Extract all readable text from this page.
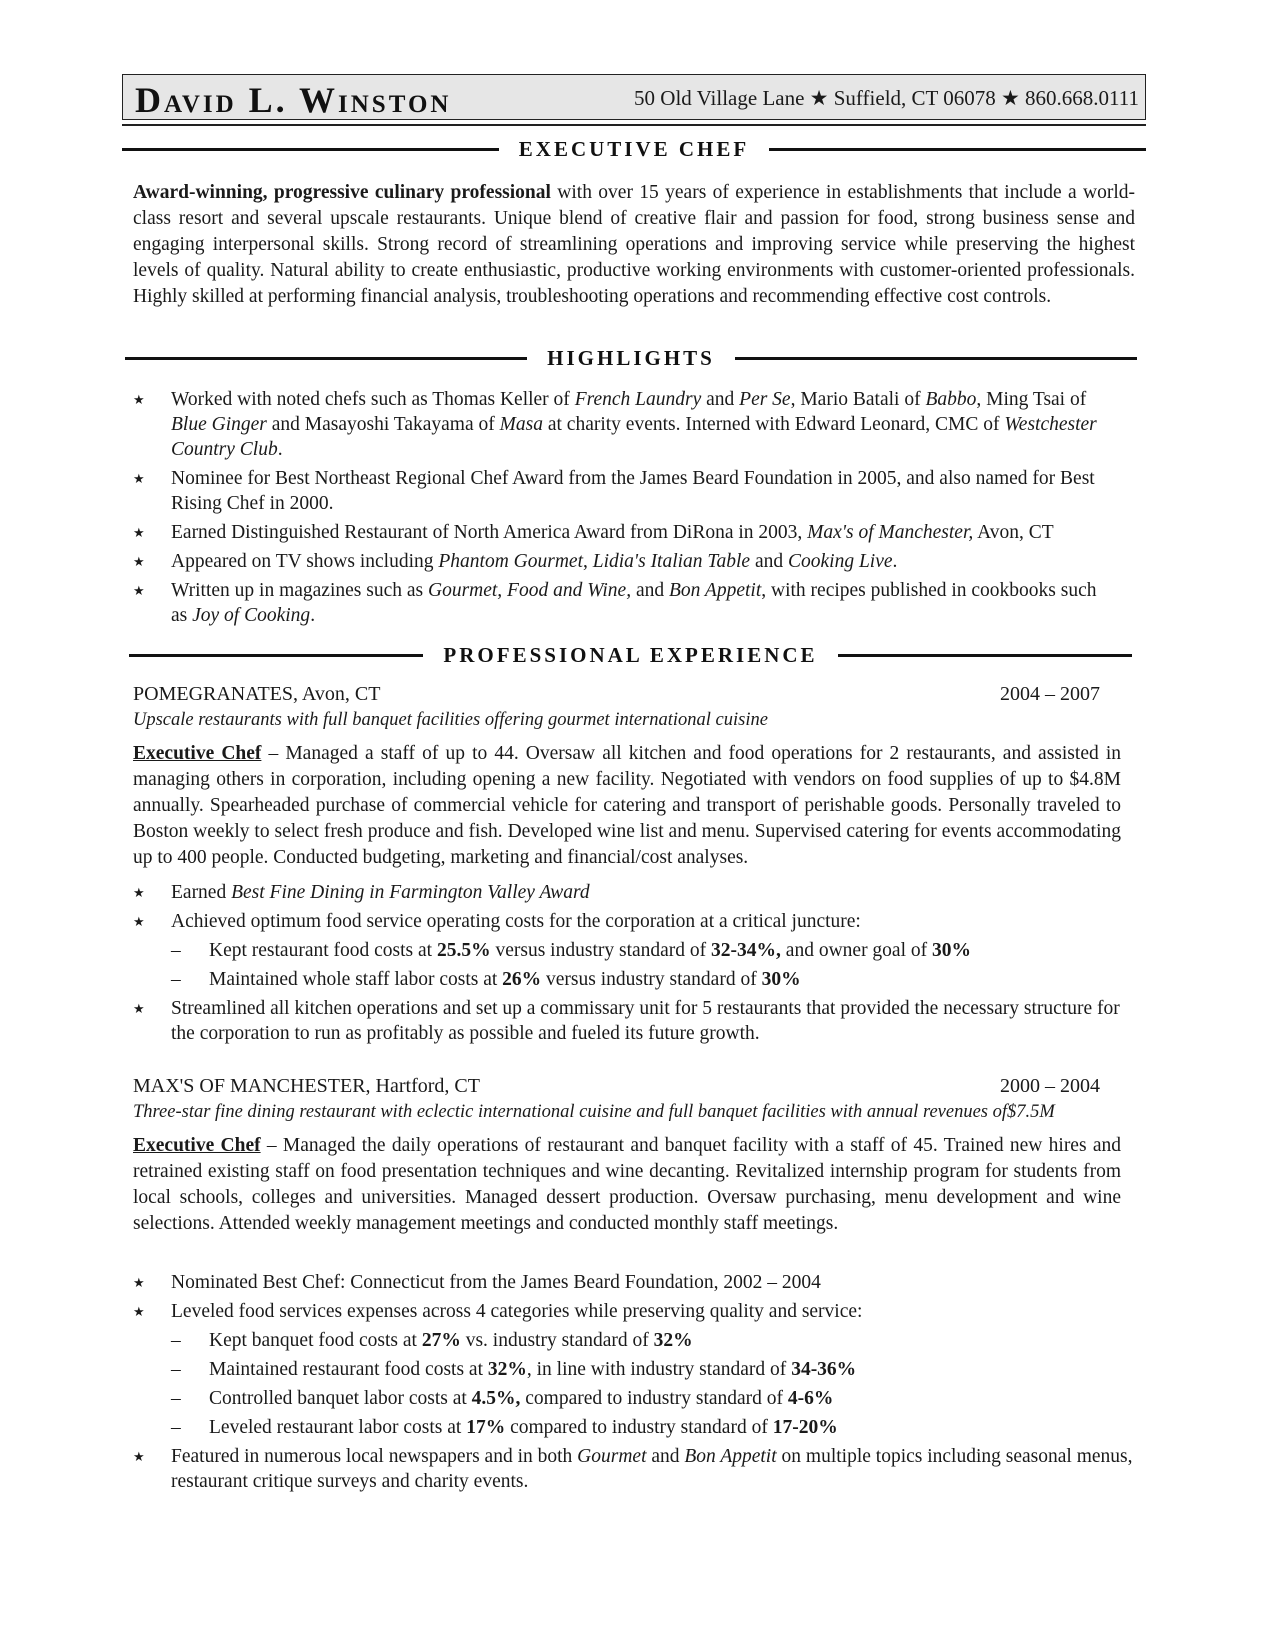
David L. Winston	50 Old Village Lane ★ Suffield, CT 06078 ★ 860.668.0111
EXECUTIVE CHEF
Award-winning, progressive culinary professional with over 15 years of experience in establishments that include a world-class resort and several upscale restaurants. Unique blend of creative flair and passion for food, strong business sense and engaging interpersonal skills. Strong record of streamlining operations and improving service while preserving the highest levels of quality. Natural ability to create enthusiastic, productive working environments with customer-oriented professionals. Highly skilled at performing financial analysis, troubleshooting operations and recommending effective cost controls.
HIGHLIGHTS
★ Worked with noted chefs such as Thomas Keller of French Laundry and Per Se, Mario Batali of Babbo, Ming Tsai of Blue Ginger and Masayoshi Takayama of Masa at charity events. Interned with Edward Leonard, CMC of Westchester Country Club.
★ Nominee for Best Northeast Regional Chef Award from the James Beard Foundation in 2005, and also named for Best Rising Chef in 2000.
★ Earned Distinguished Restaurant of North America Award from DiRona in 2003, Max's of Manchester, Avon, CT
★ Appeared on TV shows including Phantom Gourmet, Lidia's Italian Table and Cooking Live.
★ Written up in magazines such as Gourmet, Food and Wine, and Bon Appetit, with recipes published in cookbooks such as Joy of Cooking.
PROFESSIONAL EXPERIENCE
POMEGRANATES, Avon, CT	2004 – 2007
Upscale restaurants with full banquet facilities offering gourmet international cuisine
Executive Chef – Managed a staff of up to 44. Oversaw all kitchen and food operations for 2 restaurants, and assisted in managing others in corporation, including opening a new facility. Negotiated with vendors on food supplies of up to $4.8M annually. Spearheaded purchase of commercial vehicle for catering and transport of perishable goods. Personally traveled to Boston weekly to select fresh produce and fish. Developed wine list and menu. Supervised catering for events accommodating up to 400 people. Conducted budgeting, marketing and financial/cost analyses.
★ Earned Best Fine Dining in Farmington Valley Award
★ Achieved optimum food service operating costs for the corporation at a critical juncture:
– Kept restaurant food costs at 25.5% versus industry standard of 32-34%, and owner goal of 30%
– Maintained whole staff labor costs at 26% versus industry standard of 30%
★ Streamlined all kitchen operations and set up a commissary unit for 5 restaurants that provided the necessary structure for the corporation to run as profitably as possible and fueled its future growth.
MAX'S OF MANCHESTER, Hartford, CT	2000 – 2004
Three-star fine dining restaurant with eclectic international cuisine and full banquet facilities with annual revenues of$7.5M
Executive Chef – Managed the daily operations of restaurant and banquet facility with a staff of 45. Trained new hires and retrained existing staff on food presentation techniques and wine decanting. Revitalized internship program for students from local schools, colleges and universities. Managed dessert production. Oversaw purchasing, menu development and wine selections. Attended weekly management meetings and conducted monthly staff meetings.
★ Nominated Best Chef: Connecticut from the James Beard Foundation, 2002 – 2004
★ Leveled food services expenses across 4 categories while preserving quality and service:
– Kept banquet food costs at 27% vs. industry standard of 32%
– Maintained restaurant food costs at 32%, in line with industry standard of 34-36%
– Controlled banquet labor costs at 4.5%, compared to industry standard of 4-6%
– Leveled restaurant labor costs at 17% compared to industry standard of 17-20%
★ Featured in numerous local newspapers and in both Gourmet and Bon Appetit on multiple topics including seasonal menus, restaurant critique surveys and charity events.
